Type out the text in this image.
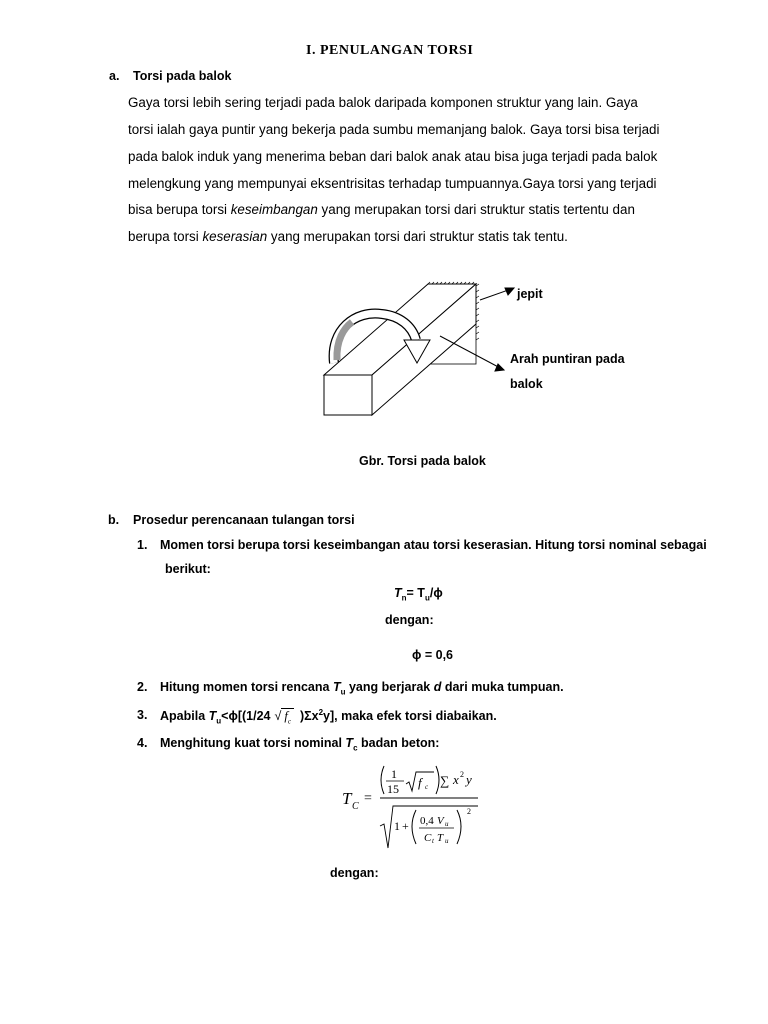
I. PENULANGAN TORSI
a. Torsi pada balok
Gaya torsi lebih sering terjadi pada balok daripada komponen struktur yang lain. Gaya
torsi ialah gaya puntir yang bekerja pada sumbu memanjang balok. Gaya torsi bisa terjadi
pada balok induk yang menerima beban dari balok anak atau bisa juga terjadi pada balok
melengkung yang mempunyai eksentrisitas terhadap tumpuannya.Gaya torsi yang terjadi
bisa berupa torsi keseimbangan yang merupakan torsi dari struktur statis tertentu dan
berupa torsi keserasian yang merupakan torsi dari struktur statis tak tentu.
jepit
Arah puntiran pada
balok
Gbr. Torsi pada balok
b. Prosedur perencanaan tulangan torsi
1. Momen torsi berupa torsi keseimbangan atau torsi keserasian. Hitung torsi nominal sebagai
berikut:
$T_n= T_u/\phi$
dengan:
ϕ = 0,6
2. Hitung momen torsi rencana $T_u$ yang berjarak d dari muka tumpuan.
3. Apabila $T_u<\phi[(1/24$ √ $f_c$ )$\Sigma x^2y$], maka efek torsi diabaikan.
4. Menghitung kuat torsi nominal $T_c$ badan beton:
T C
=
1
15 f c ∑ x 2 y
1 + 0,4 V u
C t T u
2
dengan:
